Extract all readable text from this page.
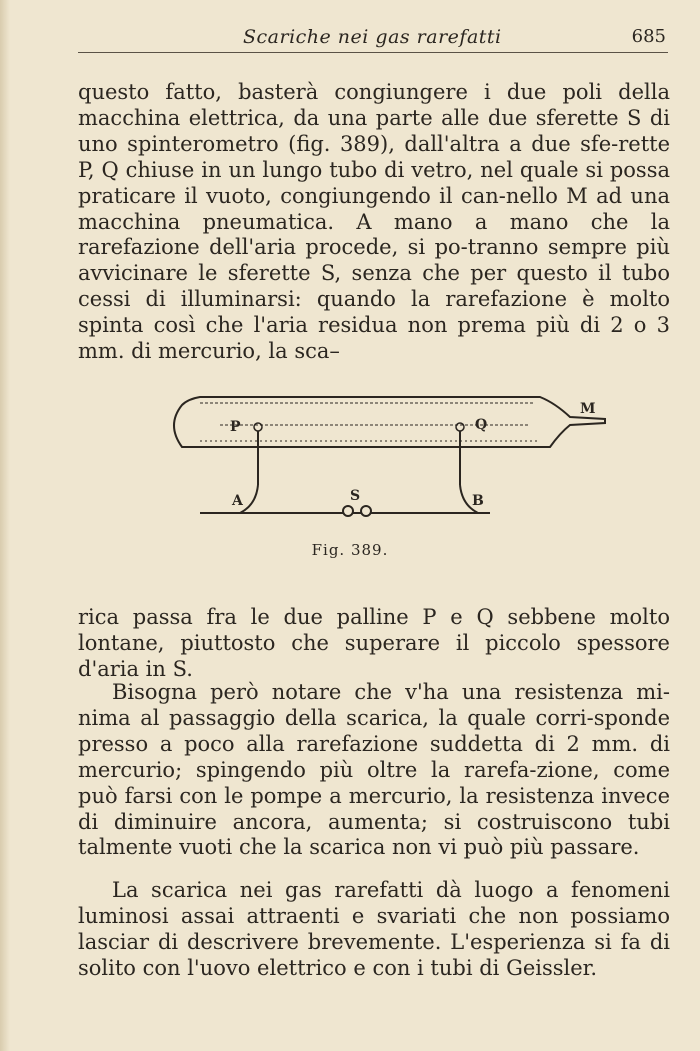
Scariche nei gas rarefatti	685

questo fatto, basterà congiungere i due poli della macchina elettrica, da una parte alle due sferette S di uno spinterometro (fig. 389), dall'altra a due sfe-rette P, Q chiuse in un lungo tubo di vetro, nel quale si possa praticare il vuoto, congiungendo il can-nello M ad una macchina pneumatica. A mano a mano che la rarefazione dell'aria procede, si po-tranno sempre più avvicinare le sferette S, senza che per questo il tubo cessi di illuminarsi: quando la rarefazione è molto spinta così che l'aria residua non prema più di 2 o 3 mm. di mercurio, la sca–

P	Q
M
A	B
S
Fig. 389.

rica passa fra le due palline P e Q sebbene molto lontane, piuttosto che superare il piccolo spessore d'aria in S.

Bisogna però notare che v'ha una resistenza mi-nima al passaggio della scarica, la quale corri-sponde presso a poco alla rarefazione suddetta di 2 mm. di mercurio; spingendo più oltre la rarefa-zione, come può farsi con le pompe a mercurio, la resistenza invece di diminuire ancora, aumenta; si costruiscono tubi talmente vuoti che la scarica non vi può più passare.

La scarica nei gas rarefatti dà luogo a fenomeni luminosi assai attraenti e svariati che non possiamo lasciar di descrivere brevemente. L'esperienza si fa di solito con l'uovo elettrico e con i tubi di Geissler.
